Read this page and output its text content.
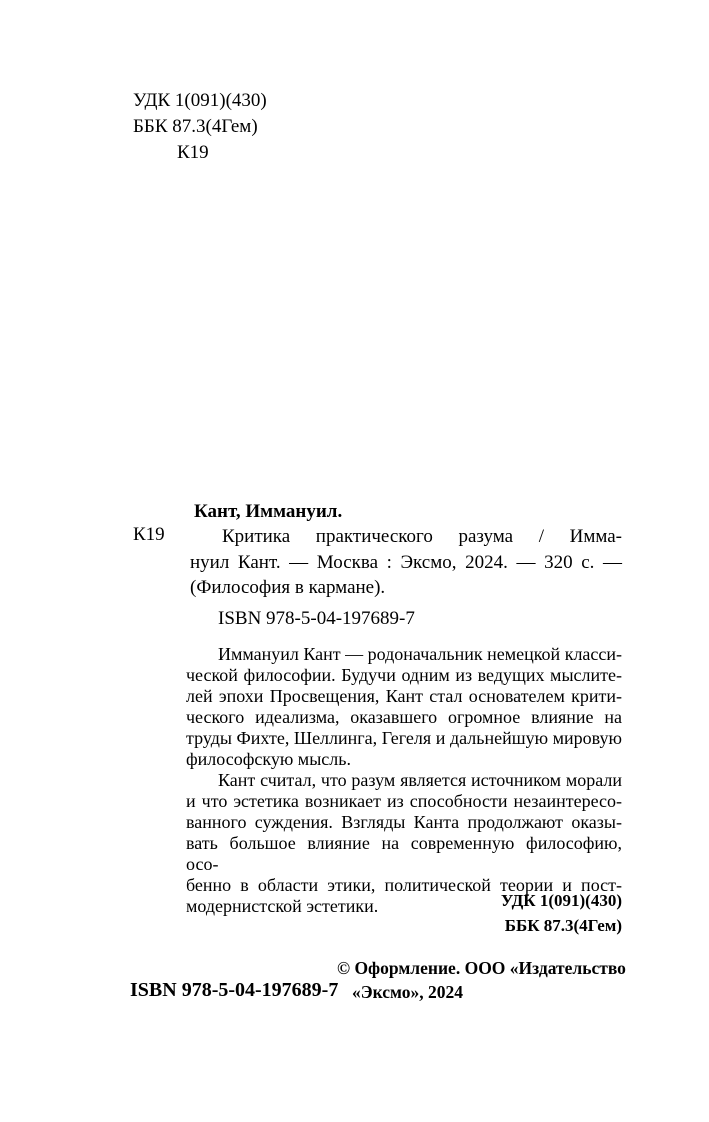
УДК 1(091)(430)
ББК 87.3(4Гем)
К19
К19
Кант, Иммануил.
Критика практического разума / Имма-
нуил Кант. — Москва : Эксмо, 2024. — 320 с. —
(Философия в кармане).
ISBN 978-5-04-197689-7
Иммануил Кант — родоначальник немецкой класси-
ческой философии. Будучи одним из ведущих мыслите-
лей эпохи Просвещения, Кант стал основателем крити-
ческого идеализма, оказавшего огромное влияние на
труды Фихте, Шеллинга, Гегеля и дальнейшую мировую
философскую мысль.
Кант считал, что разум является источником морали
и что эстетика возникает из способности незаинтересо-
ванного суждения. Взгляды Канта продолжают оказы-
вать большое влияние на современную философию, осо-
бенно в области этики, политической теории и пост-
модернистской эстетики.	УДК 1(091)(430)
ББК 87.3(4Гем)
ISBN 978-5-04-197689-7
© Оформление. ООО «Издательство
«Эксмо», 2024
